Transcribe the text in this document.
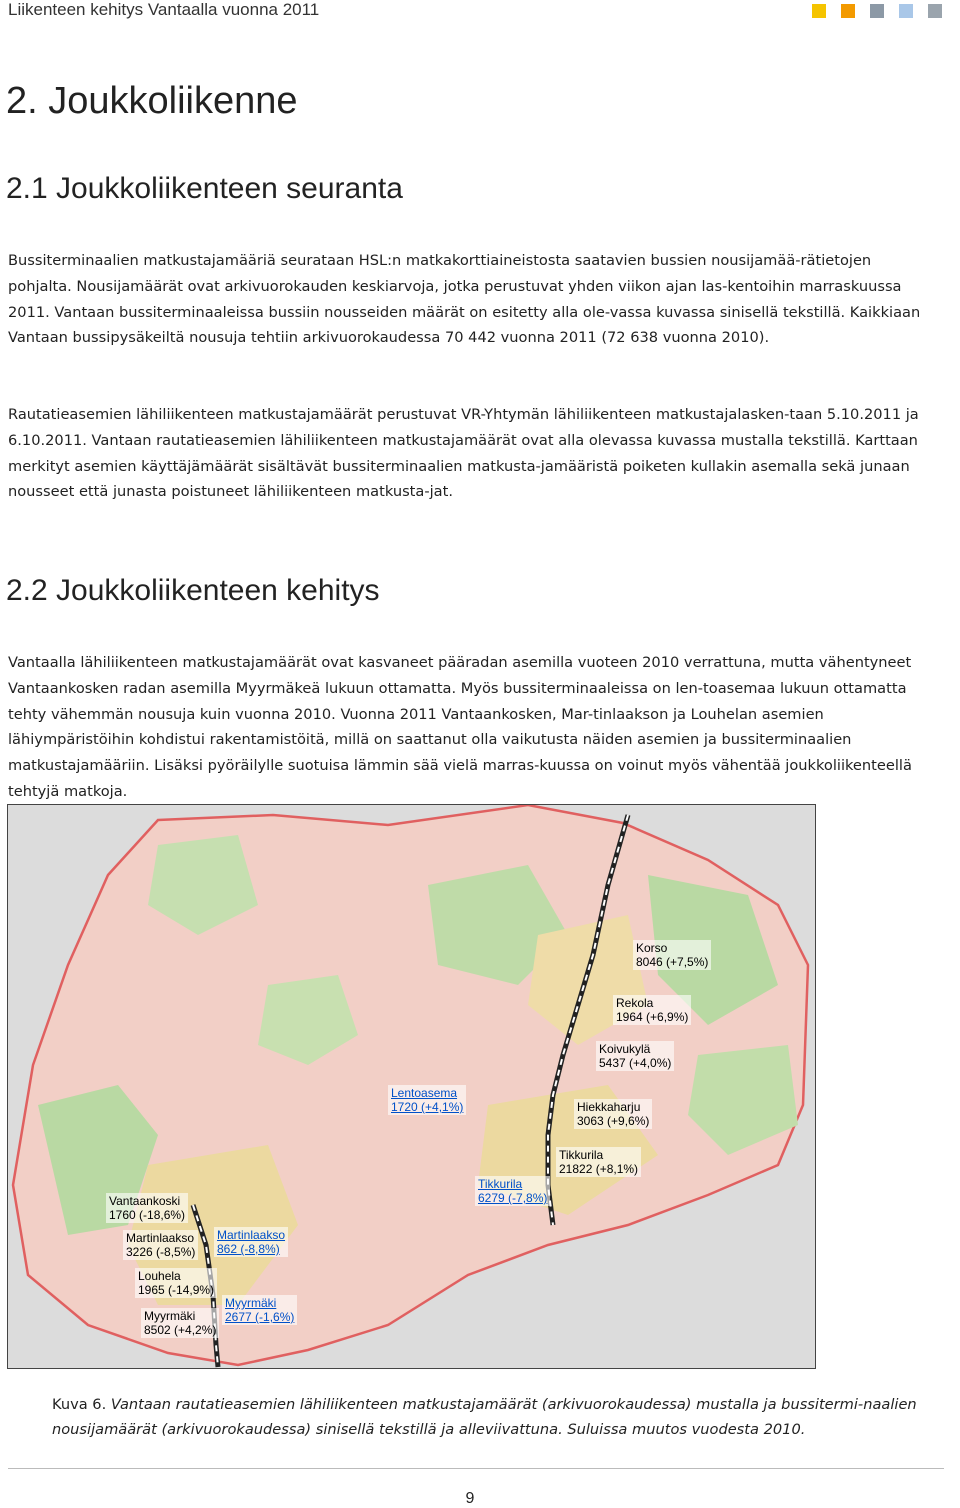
Liikenteen kehitys Vantaalla vuonna 2011
2. Joukkoliikenne
2.1 Joukkoliikenteen seuranta

Bussiterminaalien matkustajamääriä seurataan HSL:n matkakorttiaineistosta saatavien bussien nousijamää-rätietojen pohjalta. Nousijamäärät ovat arkivuorokauden keskiarvoja, jotka perustuvat yhden viikon ajan las-kentoihin marraskuussa 2011. Vantaan bussiterminaaleissa bussiin nousseiden määrät on esitetty alla ole-vassa kuvassa sinisellä tekstillä. Kaikkiaan Vantaan bussipysäkeiltä nousuja tehtiin arkivuorokaudessa 70 442 vuonna 2011 (72 638 vuonna 2010).

Rautatieasemien lähiliikenteen matkustajamäärät perustuvat VR-Yhtymän lähiliikenteen matkustajalasken-taan 5.10.2011 ja 6.10.2011. Vantaan rautatieasemien lähiliikenteen matkustajamäärät ovat alla olevassa kuvassa mustalla tekstillä. Karttaan merkityt asemien käyttäjämäärät sisältävät bussiterminaalien matkusta-jamääristä poiketen kullakin asemalla sekä junaan nousseet että junasta poistuneet lähiliikenteen matkusta-jat.

2.2 Joukkoliikenteen kehitys

Vantaalla lähiliikenteen matkustajamäärät ovat kasvaneet pääradan asemilla vuoteen 2010 verrattuna, mutta vähentyneet Vantaankosken radan asemilla Myyrmäkeä lukuun ottamatta. Myös bussiterminaaleissa on len-toasemaa lukuun ottamatta tehty vähemmän nousuja kuin vuonna 2010. Vuonna 2011 Vantaankosken, Mar-tinlaakson ja Louhelan asemien lähiympäristöihin kohdistui rakentamistöitä, millä on saattanut olla vaikutusta näiden asemien ja bussiterminaalien matkustajamääriin. Lisäksi pyöräilylle suotuisa lämmin sää vielä marras-kuussa on voinut myös vähentää joukkoliikenteellä tehtyjä matkoja.

Korso
8046 (+7,5%)
Rekola
1964 (+6,9%)
Koivukylä
5437 (+4,0%)
Hiekkaharju
3063 (+9,6%)
Tikkurila
21822 (+8,1%)
Vantaankoski
1760 (-18,6%)
Martinlaakso
3226 (-8,5%)
Louhela
1965 (-14,9%)
Myyrmäki
8502 (+4,2%)
Lentoasema
1720 (+4,1%)
Tikkurila
6279 (-7,8%)
Martinlaakso
862 (-8,8%)
Myyrmäki
2677 (-1,6%)

Kuva 6. Vantaan rautatieasemien lähiliikenteen matkustajamäärät (arkivuorokaudessa) mustalla ja bussitermi-naalien nousijamäärät (arkivuorokaudessa) sinisellä tekstillä ja alleviivattuna. Suluissa muutos vuodesta 2010.

9
